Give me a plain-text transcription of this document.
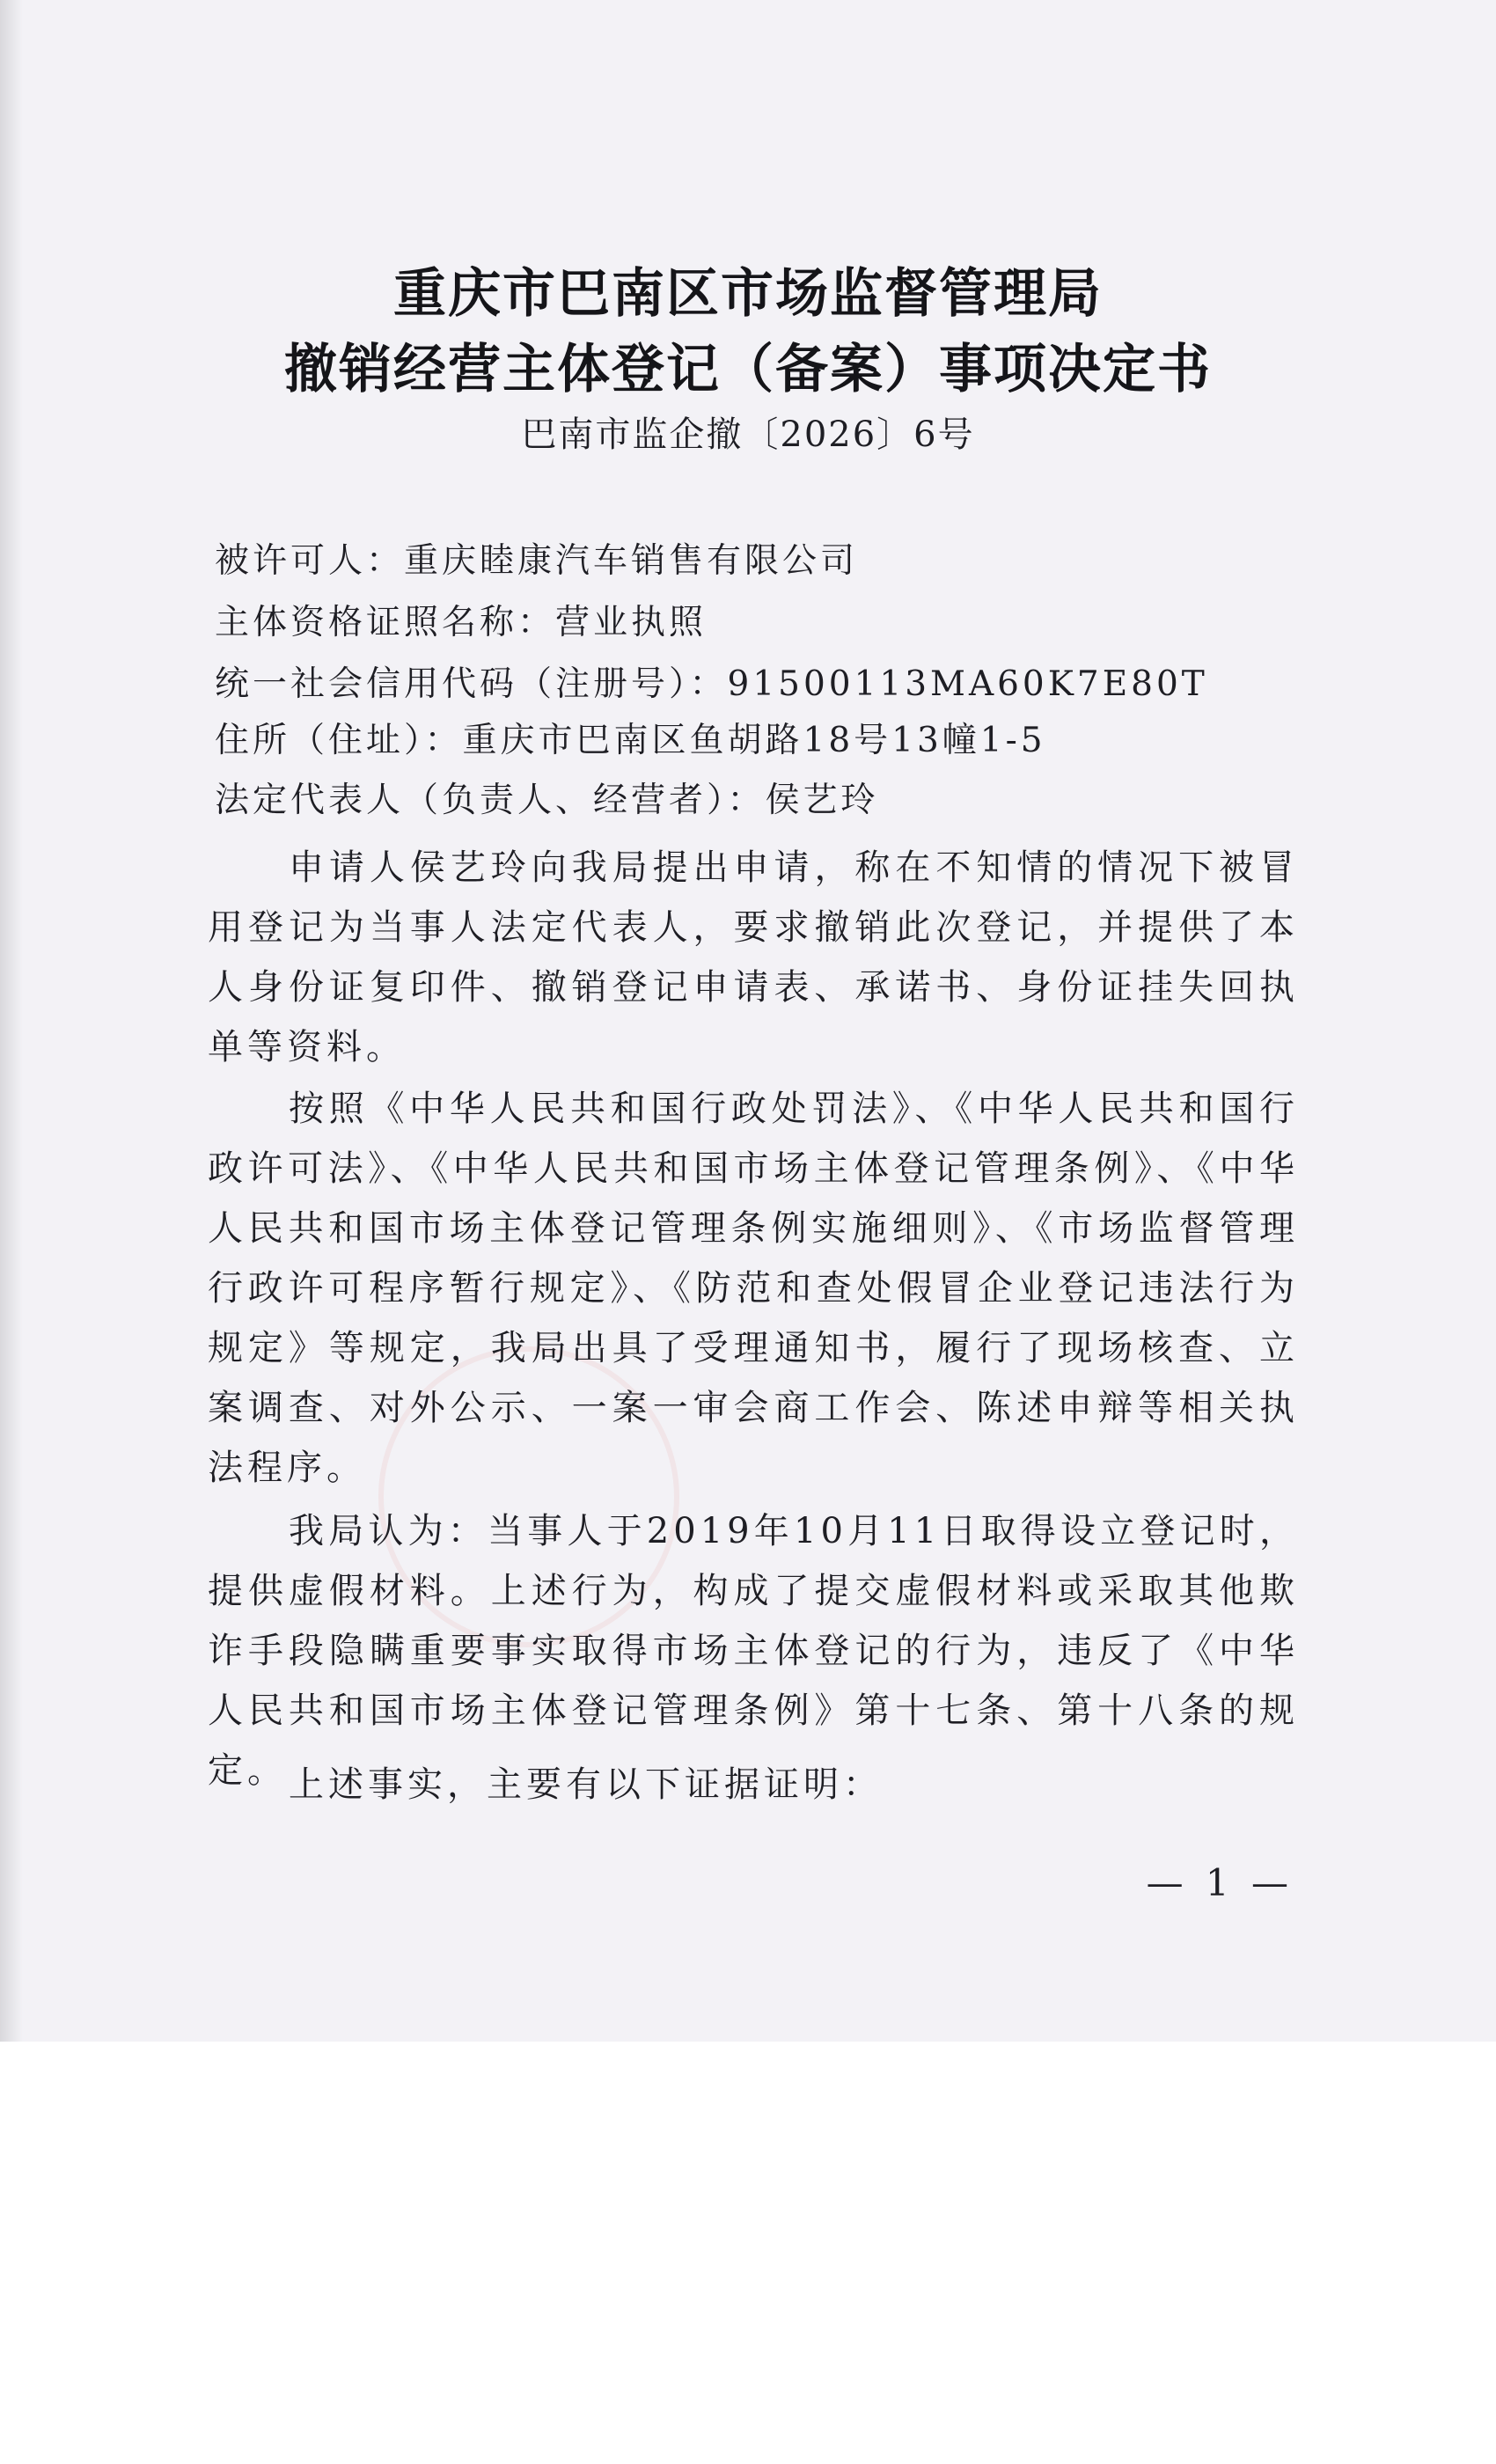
重庆市巴南区市场监督管理局
撤销经营主体登记（备案）事项决定书
巴南市监企撤〔2026〕6号
被许可人：重庆睦康汽车销售有限公司
主体资格证照名称：营业执照
统一社会信用代码（注册号）：91500113MA60K7E80T
住所（住址）：重庆市巴南区鱼胡路18号13幢1-5
法定代表人（负责人、经营者）：侯艺玲

申请人侯艺玲向我局提出申请，称在不知情的情况下被冒用登记为当事人法定代表人，要求撤销此次登记，并提供了本人身份证复印件、撤销登记申请表、承诺书、身份证挂失回执单等资料。

按照《中华人民共和国行政处罚法》、《中华人民共和国行政许可法》、《中华人民共和国市场主体登记管理条例》、《中华人民共和国市场主体登记管理条例实施细则》、《市场监督管理行政许可程序暂行规定》、《防范和查处假冒企业登记违法行为规定》等规定，我局出具了受理通知书，履行了现场核查、立案调查、对外公示、一案一审会商工作会、陈述申辩等相关执法程序。

我局认为：当事人于2019年10月11日取得设立登记时，提供虚假材料。上述行为，构成了提交虚假材料或采取其他欺诈手段隐瞒重要事实取得市场主体登记的行为，违反了《中华人民共和国市场主体登记管理条例》第十七条、第十八条的规定。 上述事实，主要有以下证据证明：

— 1 —
